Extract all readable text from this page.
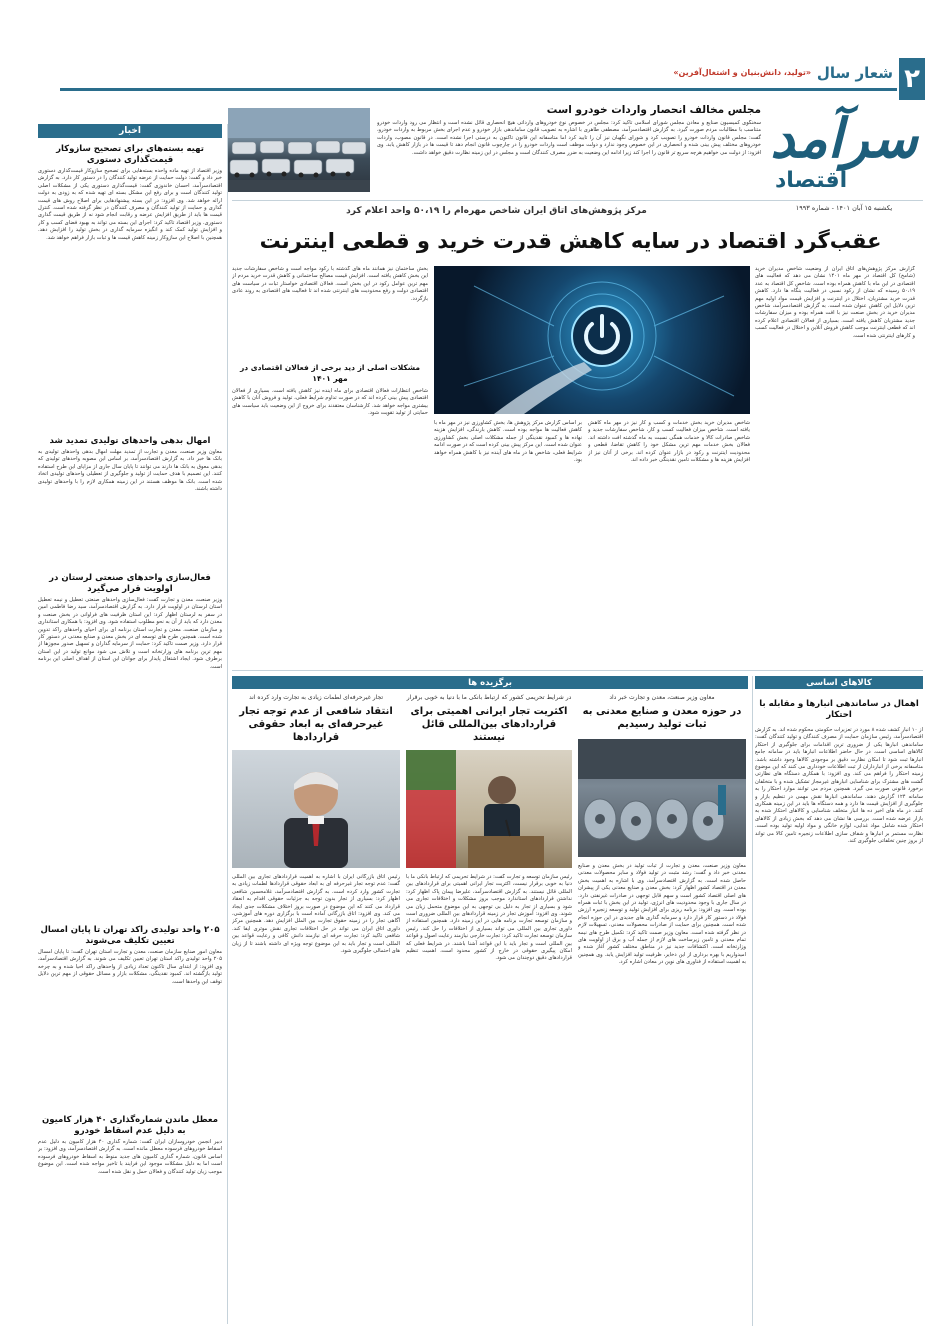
۲
شعار سال
«تولید، دانش‌بنیان و اشتغال‌آفرین»
سرآمد
اقتصاد
یکشنبه ۱۵ آبان ۱۴۰۱ - شماره ۱۹۹۳
مجلس مخالف انحصار واردات خودرو است
سخنگوی کمیسیون صنایع و معادن مجلس شورای اسلامی تاکید کرد: مجلس در خصوص نوع خودروهای وارداتی هیچ انحصاری قائل نشده است و انتظار می رود واردات خودرو متناسب با مطالبات مردم صورت گیرد. به گزارش اقتصادسرآمد، مصطفی طاهری با اشاره به تصویب قانون ساماندهی بازار خودرو و عدم اجرای بخش مربوط به واردات خودرو، گفت: مجلس قانون واردات خودرو را تصویب کرد و شورای نگهبان نیز آن را تایید کرد اما متاسفانه این قانون تاکنون به درستی اجرا نشده است. در قانون مصوب، واردات خودروهای مختلف پیش بینی شده و انحصاری در این خصوص وجود ندارد و دولت موظف است واردات خودرو را در چارچوب قانون انجام دهد تا قیمت ها در بازار کاهش یابد. وی افزود: از دولت می خواهیم هرچه سریع تر قانون را اجرا کند زیرا ادامه این وضعیت به ضرر مصرف کنندگان است و مجلس در این زمینه نظارت دقیق خواهد داشت.
اخبار
تهیه بسته‌های برای تصحیح سازوکار قیمت‌گذاری دستوری
وزیر اقتصاد از تهیه ماده واحده بسته‌هایی برای تصحیح سازوکار قیمت‌گذاری دستوری خبر داد و گفت: دولت حمایت از عرضه تولید کنندگان را در دستور کار دارد. به گزارش اقتصادسرآمد، احسان خاندوزی گفت: قیمت‌گذاری دستوری یکی از مشکلات اصلی تولید کنندگان است و برای رفع این مشکل بسته ای تهیه شده که به زودی به دولت ارائه خواهد شد. وی افزود: در این بسته پیشنهادهایی برای اصلاح روش های قیمت گذاری و حمایت از تولید کنندگان و مصرف کنندگان در نظر گرفته شده است. کنترل قیمت ها باید از طریق افزایش عرضه و رقابت انجام شود نه از طریق قیمت گذاری دستوری. وزیر اقتصاد تاکید کرد: اجرای این بسته می تواند به بهبود فضای کسب و کار و افزایش تولید کمک کند و انگیزه سرمایه گذاری در بخش تولید را افزایش دهد. همچنین با اصلاح این سازوکار زمینه کاهش قیمت ها و ثبات بازار فراهم خواهد شد.
امهال بدهی واحدهای تولیدی تمدید شد
معاون وزیر صنعت، معدن و تجارت از تمدید مهلت امهال بدهی واحدهای تولیدی به بانک ها خبر داد. به گزارش اقتصادسرآمد، بر اساس این مصوبه واحدهای تولیدی که بدهی معوق به بانک ها دارند می توانند تا پایان سال جاری از مزایای این طرح استفاده کنند. این تصمیم با هدف حمایت از تولید و جلوگیری از تعطیلی واحدهای تولیدی اتخاذ شده است. بانک ها موظف هستند در این زمینه همکاری لازم را با واحدهای تولیدی داشته باشند.
فعال‌سازی واحدهای صنعتی لرستان در اولویت قرار می‌گیرد
وزیر صنعت، معدن و تجارت گفت: فعال‌سازی واحدهای صنعتی تعطیل و نیمه تعطیل استان لرستان در اولویت قرار دارد. به گزارش اقتصادسرآمد، سید رضا فاطمی امین در سفر به لرستان اظهار کرد: این استان ظرفیت های فراوانی در بخش صنعت و معدن دارد که باید از آن به نحو مطلوب استفاده شود. وی افزود: با همکاری استانداری و سازمان صنعت، معدن و تجارت استان برنامه ای برای احیای واحدهای راکد تدوین شده است. همچنین طرح های توسعه ای در بخش معدن و صنایع معدنی در دستور کار قرار دارد. وزیر صمت تاکید کرد: حمایت از سرمایه گذاران و تسهیل صدور مجوزها از مهم ترین برنامه های وزارتخانه است و تلاش می شود موانع تولید در این استان برطرف شود. ایجاد اشتغال پایدار برای جوانان این استان از اهداف اصلی این برنامه است.
۲۰۵ واحد تولیدی راکد تهران تا پایان امسال تعیین تکلیف می‌شوند
معاون امور صنایع سازمان صنعت، معدن و تجارت استان تهران گفت: تا پایان امسال ۲۰۵ واحد تولیدی راکد استان تهران تعیین تکلیف می شوند. به گزارش اقتصادسرآمد، وی افزود: از ابتدای سال تاکنون تعداد زیادی از واحدهای راکد احیا شده و به چرخه تولید بازگشته اند. کمبود نقدینگی، مشکلات بازار و مسائل حقوقی از مهم ترین دلایل توقف این واحدها است.
معطل ماندن شماره‌گذاری ۴۰ هزار کامیون به دلیل عدم اسقاط خودرو
دبیر انجمن خودروسازان ایران گفت: شماره گذاری ۴۰ هزار کامیون به دلیل عدم اسقاط خودروهای فرسوده معطل مانده است. به گزارش اقتصادسرآمد، وی افزود: بر اساس قانون، شماره گذاری کامیون های جدید منوط به اسقاط خودروهای فرسوده است اما به دلیل مشکلات موجود این فرایند با تاخیر مواجه شده است. این موضوع موجب زیان تولید کنندگان و فعالان حمل و نقل شده است.
مرکز پژوهش‌های اتاق ایران شاخص مهره‌ام را ۵۰،۱۹ واحد اعلام کرد
عقب‌گرد اقتصاد در سایه کاهش قدرت خرید و قطعی اینترنت
گزارش مرکز پژوهش‌های اتاق ایران از وضعیت شاخص مدیران خرید (شامخ) کل اقتصاد در مهر ماه ۱۴۰۱ نشان می دهد که فعالیت های اقتصادی در این ماه با کاهش همراه بوده است. شاخص کل اقتصاد به عدد ۵۰،۱۹ رسیده که نشان از رکود نسبی در فعالیت بنگاه ها دارد. کاهش قدرت خرید مشتریان، اختلال در اینترنت و افزایش قیمت مواد اولیه مهم ترین دلایل این کاهش عنوان شده است. به گزارش اقتصادسرآمد، شاخص مدیران خرید در بخش صنعت نیز با افت همراه بوده و میزان سفارشات جدید مشتریان کاهش یافته است. بسیاری از فعالان اقتصادی اعلام کرده اند که قطعی اینترنت موجب کاهش فروش آنلاین و اختلال در فعالیت کسب و کارهای اینترنتی شده است.
شاخص مدیران خرید بخش خدمات و کسب و کار نیز در مهر ماه کاهش یافته است. شاخص میزان فعالیت کسب و کار، شاخص سفارشات جدید و شاخص صادرات کالا و خدمات همگی نسبت به ماه گذشته افت داشته اند. فعالان بخش خدمات مهم ترین مشکل خود را کاهش تقاضا، قطعی و محدودیت اینترنت و رکود در بازار عنوان کرده اند. برخی از آنان نیز از افزایش هزینه ها و مشکلات تامین نقدینگی خبر داده اند.
بر اساس گزارش مرکز پژوهش ها، بخش کشاورزی نیز در مهر ماه با کاهش فعالیت ها مواجه بوده است. کاهش بارندگی، افزایش هزینه نهاده ها و کمبود نقدینگی از جمله مشکلات اصلی بخش کشاورزی عنوان شده است. این مرکز پیش بینی کرده است که در صورت ادامه شرایط فعلی، شاخص ها در ماه های آینده نیز با کاهش همراه خواهد بود.
بخش ساختمان نیز همانند ماه های گذشته با رکود مواجه است و شاخص سفارشات جدید این بخش کاهش یافته است. افزایش قیمت مصالح ساختمانی و کاهش قدرت خرید مردم از مهم ترین عوامل رکود در این بخش است. فعالان اقتصادی خواستار ثبات در سیاست های اقتصادی دولت و رفع محدودیت های اینترنتی شده اند تا فعالیت های اقتصادی به روند عادی بازگردد.
مشکلات اصلی از دید برخی از فعالان اقتصادی در مهر ۱۴۰۱
شاخص انتظارات فعالان اقتصادی برای ماه آینده نیز کاهش یافته است. بسیاری از فعالان اقتصادی پیش بینی کرده اند که در صورت تداوم شرایط فعلی، تولید و فروش آنان با کاهش بیشتری مواجه خواهد شد. کارشناسان معتقدند برای خروج از این وضعیت باید سیاست های حمایتی از تولید تقویت شود.
برگزیده ها	کالاهای اساسی
اهمال در ساماندهی انبارها و مقابله با احتکار
از ۱۰ انبار کشف شده ۸ مورد در تعزیرات حکومتی محکوم شده اند. به گزارش اقتصادسرآمد، رئیس سازمان حمایت از مصرف کنندگان و تولید کنندگان گفت: ساماندهی انبارها یکی از ضروری ترین اقدامات برای جلوگیری از احتکار کالاهای اساسی است. در حال حاضر اطلاعات انبارها باید در سامانه جامع انبارها ثبت شود تا امکان نظارت دقیق بر موجودی کالاها وجود داشته باشد. متاسفانه برخی از انبارداران از ثبت اطلاعات خودداری می کنند که این موضوع زمینه احتکار را فراهم می کند. وی افزود: با همکاری دستگاه های نظارتی گشت های مشترک برای شناسایی انبارهای غیرمجاز تشکیل شده و با متخلفان برخورد قانونی صورت می گیرد. همچنین مردم می توانند موارد احتکار را به سامانه ۱۲۴ گزارش دهند. ساماندهی انبارها نقش مهمی در تنظیم بازار و جلوگیری از افزایش قیمت ها دارد و همه دستگاه ها باید در این زمینه همکاری کنند. در ماه های اخیر ده ها انبار متخلف شناسایی و کالاهای احتکار شده به بازار عرضه شده است. بررسی ها نشان می دهد که بخش زیادی از کالاهای احتکار شده شامل مواد غذایی، لوازم خانگی و مواد اولیه تولید بوده است. نظارت مستمر بر انبارها و شفاف سازی اطلاعات زنجیره تامین کالا می تواند از بروز چنین تخلفاتی جلوگیری کند.
معاون وزیر صنعت، معدن و تجارت خبر داد
در حوزه معدن و صنایع معدنی به ثبات تولید رسیدیم
معاون وزیر صنعت، معدن و تجارت از ثبات تولید در بخش معدن و صنایع معدنی خبر داد و گفت: رشد مثبت در تولید فولاد و سایر محصولات معدنی حاصل شده است. به گزارش اقتصادسرآمد، وی با اشاره به اهمیت بخش معدن در اقتصاد کشور اظهار کرد: بخش معدن و صنایع معدنی یکی از پیشران های اصلی اقتصاد کشور است و سهم قابل توجهی در صادرات غیرنفتی دارد. در سال جاری با وجود محدودیت های انرژی، تولید در این بخش با ثبات همراه بوده است. وی افزود: برنامه ریزی برای افزایش تولید و توسعه زنجیره ارزش فولاد در دستور کار قرار دارد و سرمایه گذاری های جدیدی در این حوزه انجام شده است. همچنین برای حمایت از صادرات محصولات معدنی، تسهیلات لازم در نظر گرفته شده است. معاون وزیر صمت تاکید کرد: تکمیل طرح های نیمه تمام معدنی و تامین زیرساخت های لازم از جمله آب و برق از اولویت های وزارتخانه است. اکتشافات جدید نیز در مناطق مختلف کشور آغاز شده و امیدواریم با بهره برداری از این ذخایر، ظرفیت تولید افزایش یابد. وی همچنین به اهمیت استفاده از فناوری های نوین در معادن اشاره کرد.
در شرایط تحریمی کشور که ارتباط بانکی ما با دنیا به خوبی برقرار
اکثریت تجار ایرانی اهمیتی برای قراردادهای بین‌المللی قائل نیستند
رئیس سازمان توسعه و تجارت گفت: در شرایط تحریمی که ارتباط بانکی ما با دنیا به خوبی برقرار نیست، اکثریت تجار ایرانی اهمیتی برای قراردادهای بین المللی قائل نیستند. به گزارش اقتصادسرآمد، علیرضا پیمان پاک اظهار کرد: نداشتن قراردادهای استاندارد موجب بروز مشکلات و اختلافات تجاری می شود و بسیاری از تجار به دلیل بی توجهی به این موضوع متحمل زیان می شوند. وی افزود: آموزش تجار در زمینه قراردادهای بین المللی ضروری است و سازمان توسعه تجارت برنامه هایی در این زمینه دارد. همچنین استفاده از داوری تجاری بین المللی می تواند بسیاری از اختلافات را حل کند. رئیس سازمان توسعه تجارت تاکید کرد: تجارت خارجی نیازمند رعایت اصول و قواعد بین المللی است و تجار باید با این قواعد آشنا باشند. در شرایط فعلی که امکان پیگیری حقوقی در خارج از کشور محدود است، اهمیت تنظیم قراردادهای دقیق دوچندان می شود.
تجار غیرحرفه‌ای لطمات زیادی به تجارت وارد کرده اند
انتقاد شافعی از عدم توجه تجار غیرحرفه‌ای به ابعاد حقوقی قراردادها
رئیس اتاق بازرگانی ایران با اشاره به اهمیت قراردادهای تجاری بین المللی گفت: عدم توجه تجار غیرحرفه ای به ابعاد حقوقی قراردادها لطمات زیادی به تجارت کشور وارد کرده است. به گزارش اقتصادسرآمد، غلامحسین شافعی اظهار کرد: بسیاری از تجار بدون توجه به جزئیات حقوقی اقدام به انعقاد قرارداد می کنند که این موضوع در صورت بروز اختلاف مشکلات جدی ایجاد می کند. وی افزود: اتاق بازرگانی آماده است با برگزاری دوره های آموزشی، آگاهی تجار را در زمینه حقوق تجارت بین الملل افزایش دهد. همچنین مرکز داوری اتاق ایران می تواند در حل اختلافات تجاری نقش موثری ایفا کند. شافعی تاکید کرد: تجارت حرفه ای نیازمند دانش کافی و رعایت قواعد بین المللی است و تجار باید به این موضوع توجه ویژه ای داشته باشند تا از زیان های احتمالی جلوگیری شود.
